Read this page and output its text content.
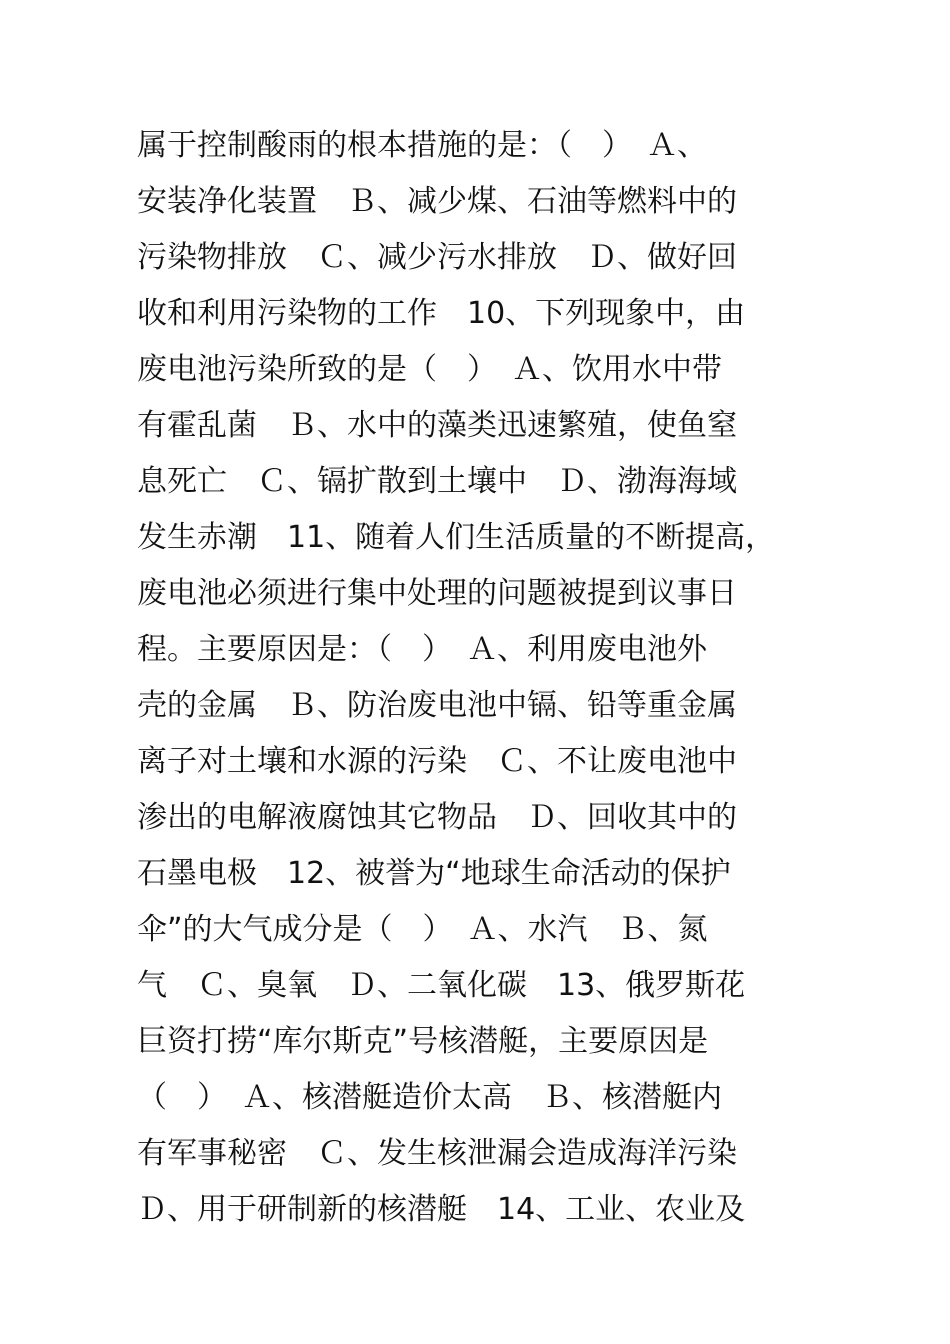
属于控制酸雨的根本措施的是：（　）　Ａ、
安装净化装置　Ｂ、减少煤、石油等燃料中的
污染物排放　Ｃ、减少污水排放　Ｄ、做好回
收和利用污染物的工作　10、下列现象中，由
废电池污染所致的是（　）　Ａ、饮用水中带
有霍乱菌　Ｂ、水中的藻类迅速繁殖，使鱼窒
息死亡　Ｃ、镉扩散到土壤中　Ｄ、渤海海域
发生赤潮　11、随着人们生活质量的不断提高，
废电池必须进行集中处理的问题被提到议事日
程。主要原因是：（　）　Ａ、利用废电池外
壳的金属　Ｂ、防治废电池中镉、铅等重金属
离子对土壤和水源的污染　Ｃ、不让废电池中
渗出的电解液腐蚀其它物品　Ｄ、回收其中的
石墨电极　12、被誉为“地球生命活动的保护
伞”的大气成分是（　）　Ａ、水汽　Ｂ、氮
气　Ｃ、臭氧　Ｄ、二氧化碳　13、俄罗斯花
巨资打捞“库尔斯克”号核潜艇，主要原因是
（　）　Ａ、核潜艇造价太高　Ｂ、核潜艇内
有军事秘密　Ｃ、发生核泄漏会造成海洋污染
Ｄ、用于研制新的核潜艇　14、工业、农业及
